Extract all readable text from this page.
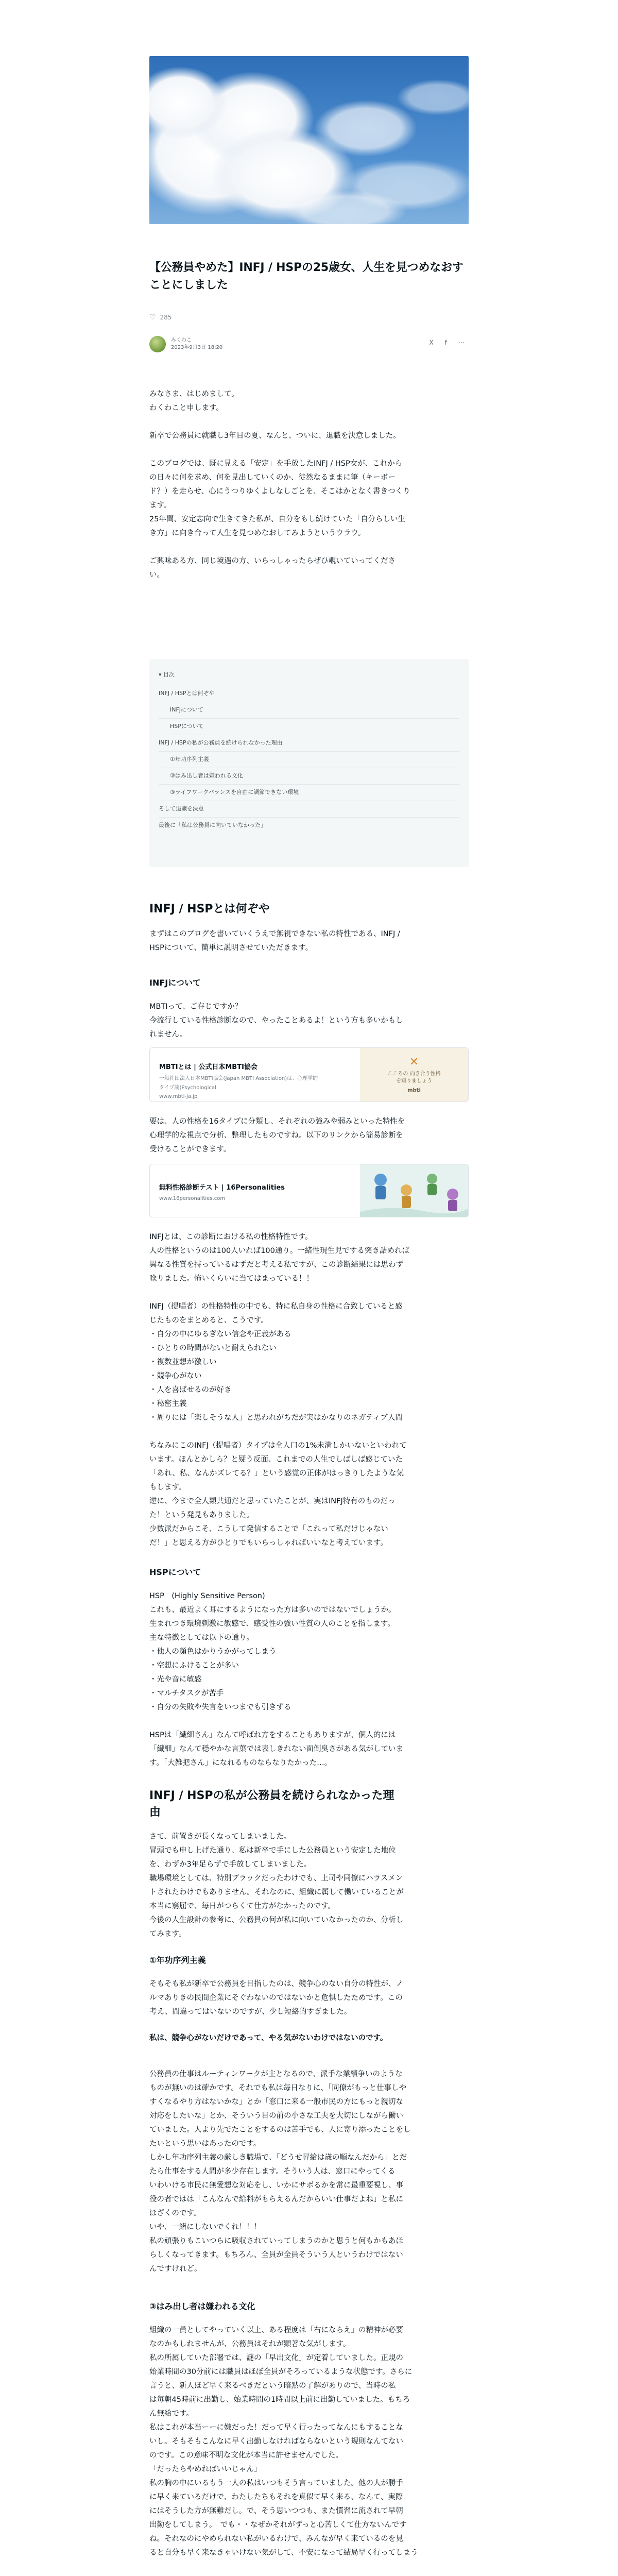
【公務員やめた】INFJ / HSPの25歳女、人生を見つめなおすことにしました
♡ 285
みくわこ
2023年9月3日 18:20
X f ⋯
みなさま、はじめまして。
わくわこと申します。
新卒で公務員に就職し3年目の夏、なんと、ついに、退職を決意しました。
このブログでは、既に見える「安定」を手放したINFJ / HSP女が、これから
の日々に何を求め、何を見出していくのか、徒然なるままに筆（キーボー
ド？）を走らせ、心にうつりゆくよしなしごとを、そこはかとなく書きつくり
ます。
25年間、安定志向で生きてきた私が、自分をもし続けていた「自分らしい生
き方」に向き合って人生を見つめなおしてみようというウラウ。
ご興味ある方、同じ境遇の方、いらっしゃったらぜひ覗いていってくださ
い。
▾ 目次
INFJ / HSPとは何ぞや
INFJについて
HSPについて
INFJ / HSPの私が公務員を続けられなかった理由
①年功序列主義
③はみ出し者は嫌われる文化
③ライフワークバランスを自由に調節できない環境
そして退職を決意
最後に「私は公務員に向いていなかった」
INFJ / HSPとは何ぞや
まずはこのブログを書いていくうえで無視できない私の特性である、INFJ /
HSPについて、簡単に説明させていただきます。
INFJについて
MBTIって、ご存じですか？
今流行している性格診断なので、やったことあるよ！という方も多いかもし
れません。
MBTIとは | 公式日本MBTI協会
一般社団法人日本MBTI協会(Japan MBTI Association)は、心理学的
タイプ論(Psychological
www.mbti-ja.jp
✕
こころの 向き合う性格
を知りましょう
mbti
要は、人の性格を16タイプに分類し、それぞれの強みや弱みといった特性を
心理学的な視点で分析、整理したものですね。以下のリンクから簡易診断を
受けることができます。
無料性格診断テスト | 16Personalities
www.16personalities.com
INFJとは、この診断における私の性格特性です。
人の性格というのは100人いれば100通り。一緒性現生児でする突き詰めれば
異なる性質を持っているはずだと考える私ですが、この診断結果には思わず
唸りました。怖いくらいに当てはまっている！！
INFJ（提唱者）の性格特性の中でも、特に私自身の性格に合致していると感
じたものをまとめると、こうです。
・自分の中にゆるぎない信念や正義がある
・ひとりの時間がないと耐えられない
・複数並想が激しい
・競争心がない
・人を喜ばせるのが好き
・秘密主義
・周りには「楽しそうな人」と思われがちだが実はかなりのネガティブ人間
ちなみにこのINFJ（提唱者）タイプは全人口の1%未満しかいないといわれて
います。ほんとかしら？と疑う反面、これまでの人生でしばしば感じていた
「あれ、私、なんかズレてる？」という感覚の正体がはっきりしたような気
もします。
逆に、今まで全人類共通だと思っていたことが、実はINFJ特有のものだっ
た！という発見もありました。
少数派だからこそ、こうして発信することで「これって私だけじゃない
だ！」と思える方がひとりでもいらっしゃればいいなと考えています。
HSPについて
HSP　(Highly Sensitive Person)
これも、最近よく耳にするようになった方は多いのではないでしょうか。
生まれつき環境刺激に敏感で、感受性の強い性質の人のことを指します。
主な特徴としては以下の通り。
・他人の顔色はかりうかがってしまう
・空想にふけることが多い
・光や音に敏感
・マルチタスクが苦手
・自分の失敗や失言をいつまでも引きずる
HSPは「繊細さん」なんて呼ばれ方をすることもありますが、個人的には
「繊細」なんて穏やかな言葉では表しきれない面倒臭さがある気がしていま
す。「大雑把さん」になれるものならなりたかった…。
INFJ / HSPの私が公務員を続けられなかった理
由
さて、前置きが長くなってしまいました。
冒頭でも申し上げた通り、私は新卒で手にした公務員という安定した地位
を、わずか3年足らずで手放してしまいました。
職場環境としては、特別ブラックだったわけでも、上司や同僚にハラスメン
トされたわけでもありません。それなのに、組織に属して働いていることが
本当に窮屈で、毎日がつらくて仕方がなかったのです。
今後の人生設計の参考に、公務員の何が私に向いていなかったのか、分析し
てみます。
①年功序列主義
そもそも私が新卒で公務員を目指したのは、競争心のない自分の特性が、ノ
ルマありきの民間企業にそぐわないのではないかと危惧したためです。この
考え、間違ってはいないのですが、少し短絡的すぎました。
私は、競争心がないだけであって、やる気がないわけではないのです。
公務員の仕事はルーティンワークが主となるので、派手な業績争いのような
ものが無いのは確かです。それでも私は毎日なりに、「同僚がもっと仕事しや
すくなるやり方はないかな」とか「窓口に来る一般市民の方にもっと親切な
対応をしたいな」とか、そういう目の前の小さな工夫を大切にしながら働い
ていました。人より先でたことをするのは苦手でも、人に寄り添ったことをし
たいという思いはあったのです。
しかし年功序列主義の厳しき職場で、「どうせ昇給は歳の順なんだから」とだ
たら仕事をする人間が多少存在します。そういう人は、窓口にやってくる
いわいける市民に無愛想な対応をし、いかにサボるかを常に最重要視し、事
役の者ではは「こんなんで給料がもらえるんだからいい仕事だよね」と私に
ほざくのです。
いや、一緒にしないでくれ！！！
私の頑張りもこいつらに吸収されていってしまうのかと思うと何もかもあほ
らしくなってきます。もちろん、全員が全員そういう人というわけではない
んですけれど。
③はみ出し者は嫌われる文化
組織の一員としてやっていく以上、ある程度は「右にならえ」の精神が必要
なのかもしれませんが、公務員はそれが顕著な気がします。
私の所属していた部署では、謎の「早出文化」が定着していました。正規の
始業時間の30分前には職員はほぼ全員がそろっているような状態です。さらに
言うと、新人ほど早く来るべきだという暗黙の了解がありので、当時の私
は毎朝45時前に出勤し、始業時間の1時間以上前に出勤していました。もちろ
ん無給です。
私はこれが本当ーーに嫌だった！だって早く行ったってなんにもすることな
いし。そもそもこんなに早く出勤しなければならないという規則なんてない
のです。この意味不明な文化が本当に許せませんでした。
「だったらやめればいいじゃん」
私の胸の中にいるもう一人の私はいつもそう言っていました。他の人が勝手
に早く来ているだけで、わたしたちもそれを真似て早く来る、なんて、実際
にはそうした方が無難だし。で、そう思いつつも、また慣習に流されて早朝
出勤をしてしまう。　でも・・なぜかそれがずっと心苦しくて仕方ないんです
ね。それなのにやめられない私がいるわけで、みんなが早く来ているのを見
ると自分も早く来なきゃいけない気がして、不安になって結局早く行ってしまう
